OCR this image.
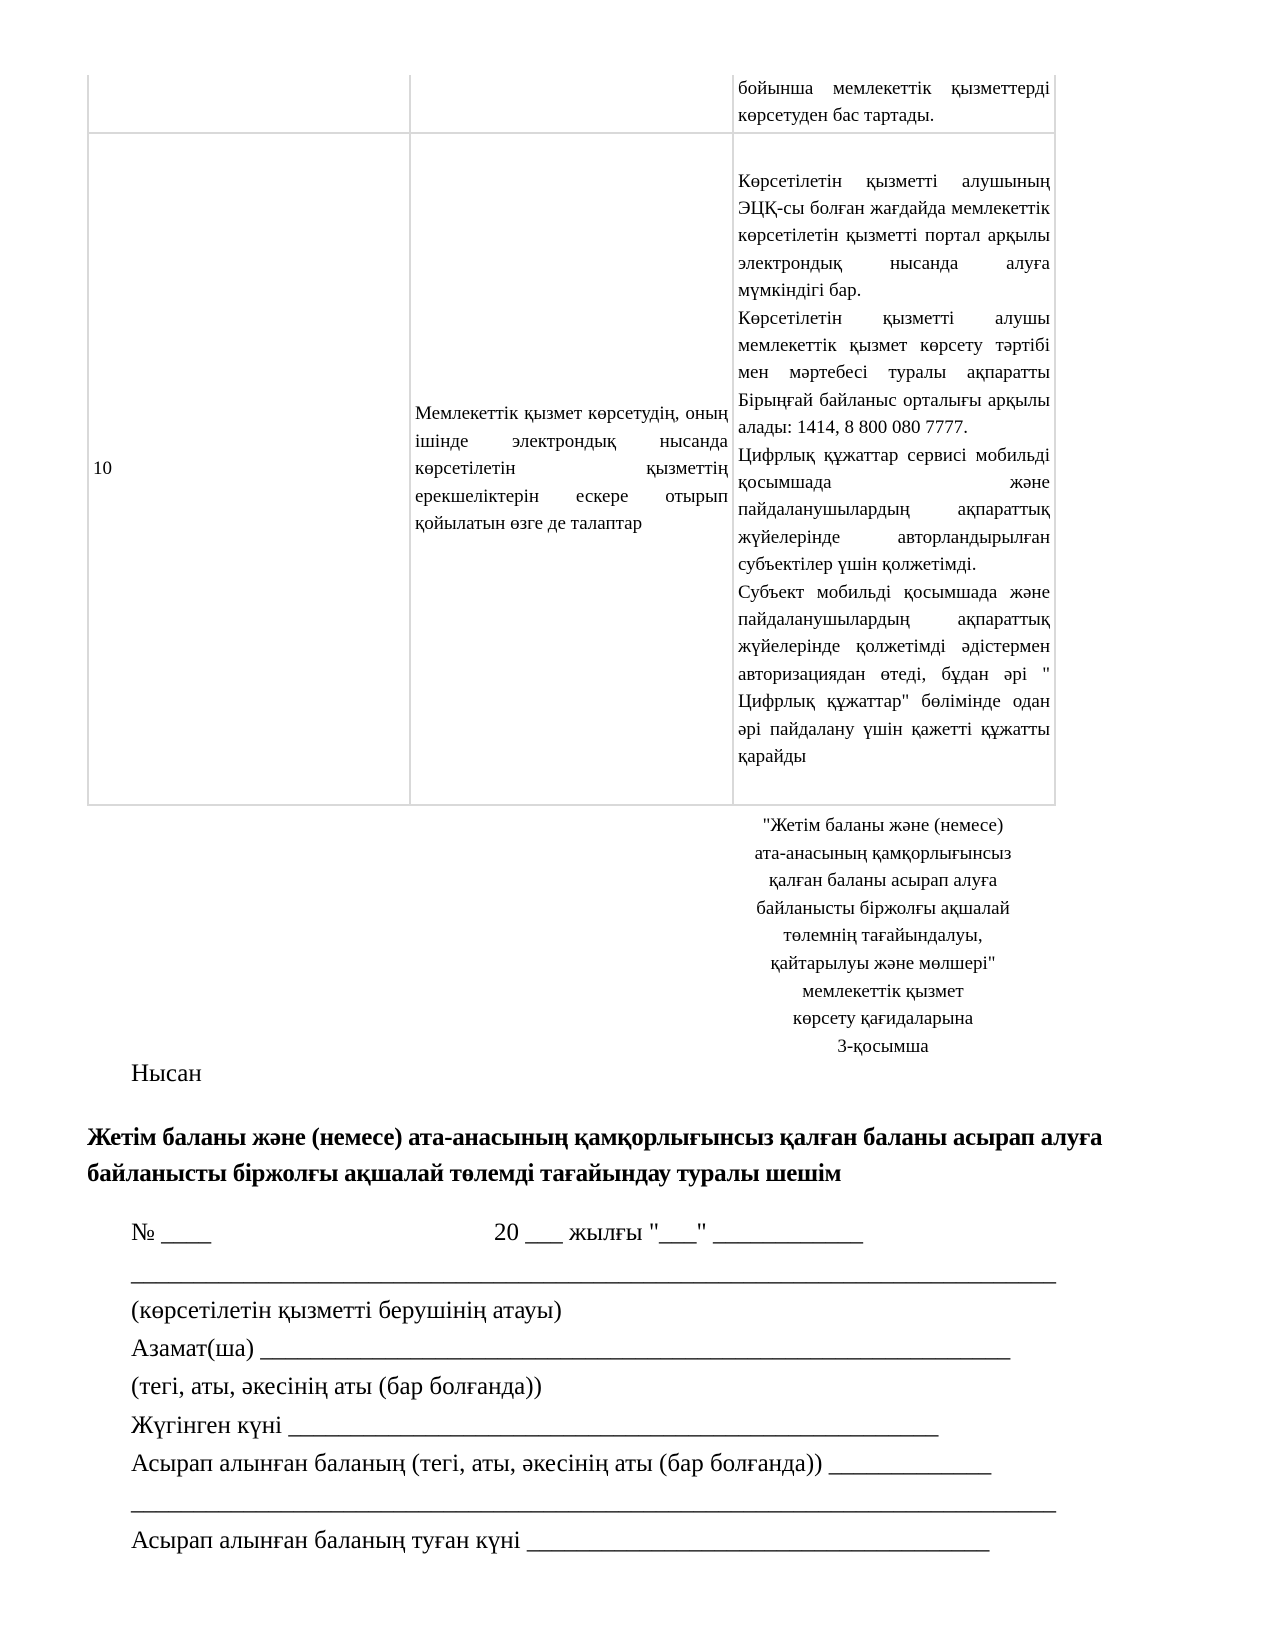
		бойынша мемлекеттік қызметтерді көрсетуден бас тартады.
10	Мемлекеттік қызмет көрсетудің, оның ішінде электрондық нысанда көрсетілетін қызметтің ерекшеліктерін ескере отырып қойылатын өзге де талаптар	Көрсетілетін қызметті алушының ЭЦҚ-сы болған жағдайда мемлекеттік көрсетілетін қызметті портал арқылы электрондық нысанда алуға мүмкіндігі бар.

Көрсетілетін қызметті алушы мемлекеттік қызмет көрсету тәртібі мен мәртебесі туралы ақпаратты Бірыңғай байланыс орталығы арқылы алады: 1414, 8 800 080 7777.

Цифрлық құжаттар сервисі мобильді қосымшада және пайдаланушылардың ақпараттық жүйелерінде авторландырылған субъектілер үшін қолжетімді.

Субъект мобильді қосымшада және пайдаланушылардың ақпараттық жүйелерінде қолжетімді әдістермен авторизациядан өтеді, бұдан әрі " Цифрлық құжаттар" бөлімінде одан әрі пайдалану үшін қажетті құжатты қарайды

"Жетім баланы және (немесе)
ата-анасының қамқорлығынсыз
қалған баланы асырап алуға
байланысты біржолғы ақшалай
төлемнің тағайындалуы,
қайтарылуы және мөлшері"
мемлекеттік қызмет
көрсету қағидаларына
3-қосымша
Нысан
Жетім баланы және (немесе) ата-анасының қамқорлығынсыз қалған баланы асырап алуға
байланысты біржолғы ақшалай төлемді тағайындау туралы шешім
№ ____	20 ___ жылғы "___" ____________
__________________________________________________________________________
(көрсетілетін қызметті берушінің атауы)
Азамат(ша) ____________________________________________________________
(тегі, аты, әкесінің аты (бар болғанда))
Жүгінген күні ____________________________________________________
Асырап алынған баланың (тегі, аты, әкесінің аты (бар болғанда)) _____________
__________________________________________________________________________
Асырап алынған баланың туған күні _____________________________________
